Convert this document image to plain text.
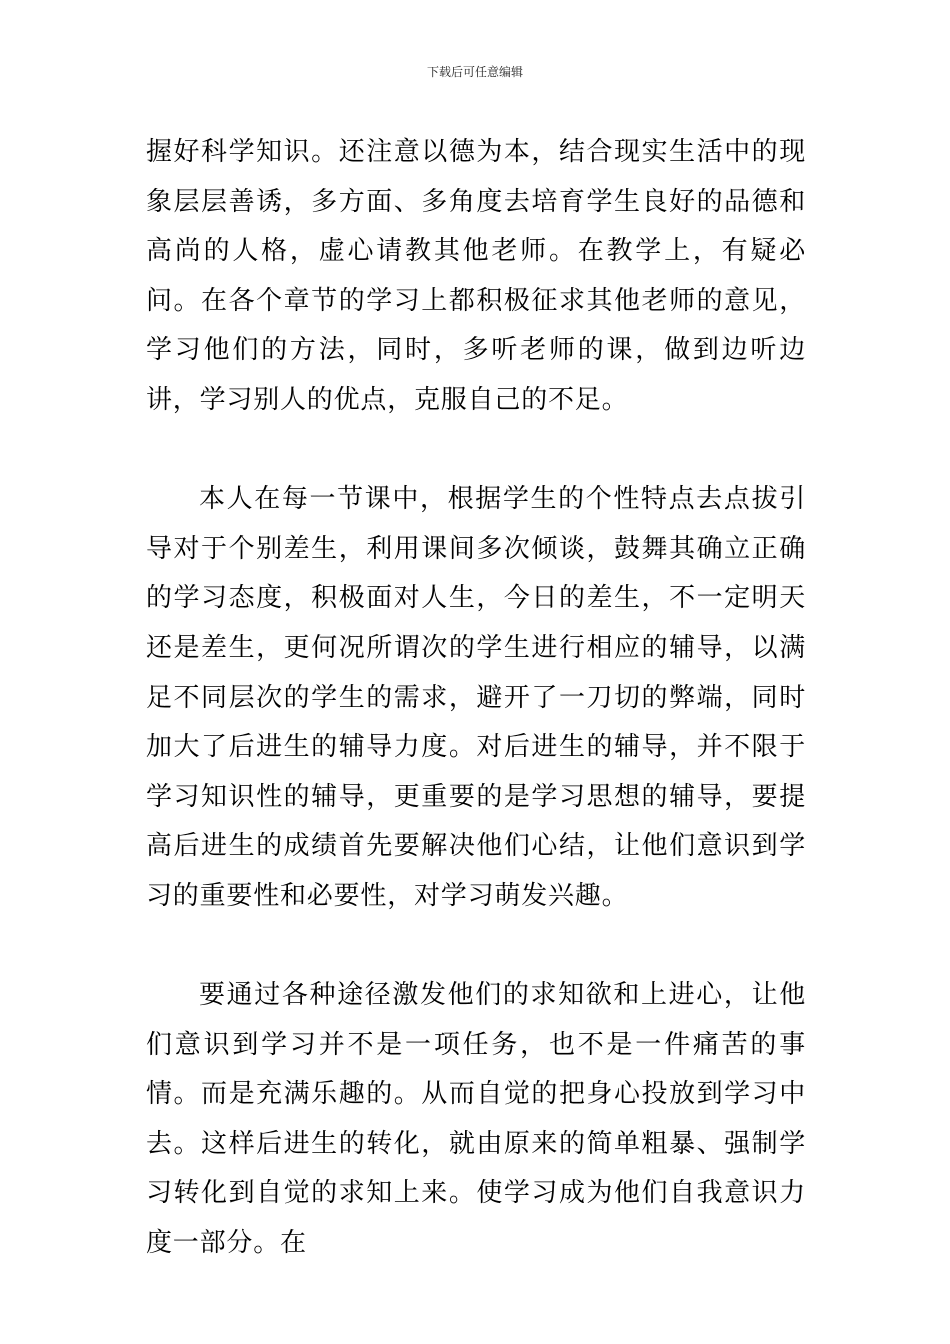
下载后可任意编辑

握好科学知识。还注意以德为本，结合现实生活中的现象层层善诱，多方面、多角度去培育学生良好的品德和高尚的人格，虚心请教其他老师。在教学上，有疑必问。在各个章节的学习上都积极征求其他老师的意见，学习他们的方法，同时，多听老师的课，做到边听边讲，学习别人的优点，克服自己的不足。

本人在每一节课中，根据学生的个性特点去点拔引导对于个别差生，利用课间多次倾谈，鼓舞其确立正确的学习态度，积极面对人生，今日的差生，不一定明天还是差生，更何况所谓次的学生进行相应的辅导，以满足不同层次的学生的需求，避开了一刀切的弊端，同时加大了后进生的辅导力度。对后进生的辅导，并不限于学习知识性的辅导，更重要的是学习思想的辅导，要提高后进生的成绩首先要解决他们心结，让他们意识到学习的重要性和必要性，对学习萌发兴趣。

要通过各种途径激发他们的求知欲和上进心，让他们意识到学习并不是一项任务，也不是一件痛苦的事情。而是充满乐趣的。从而自觉的把身心投放到学习中去。这样后进生的转化，就由原来的简单粗暴、强制学习转化到自觉的求知上来。使学习成为他们自我意识力度一部分。在
